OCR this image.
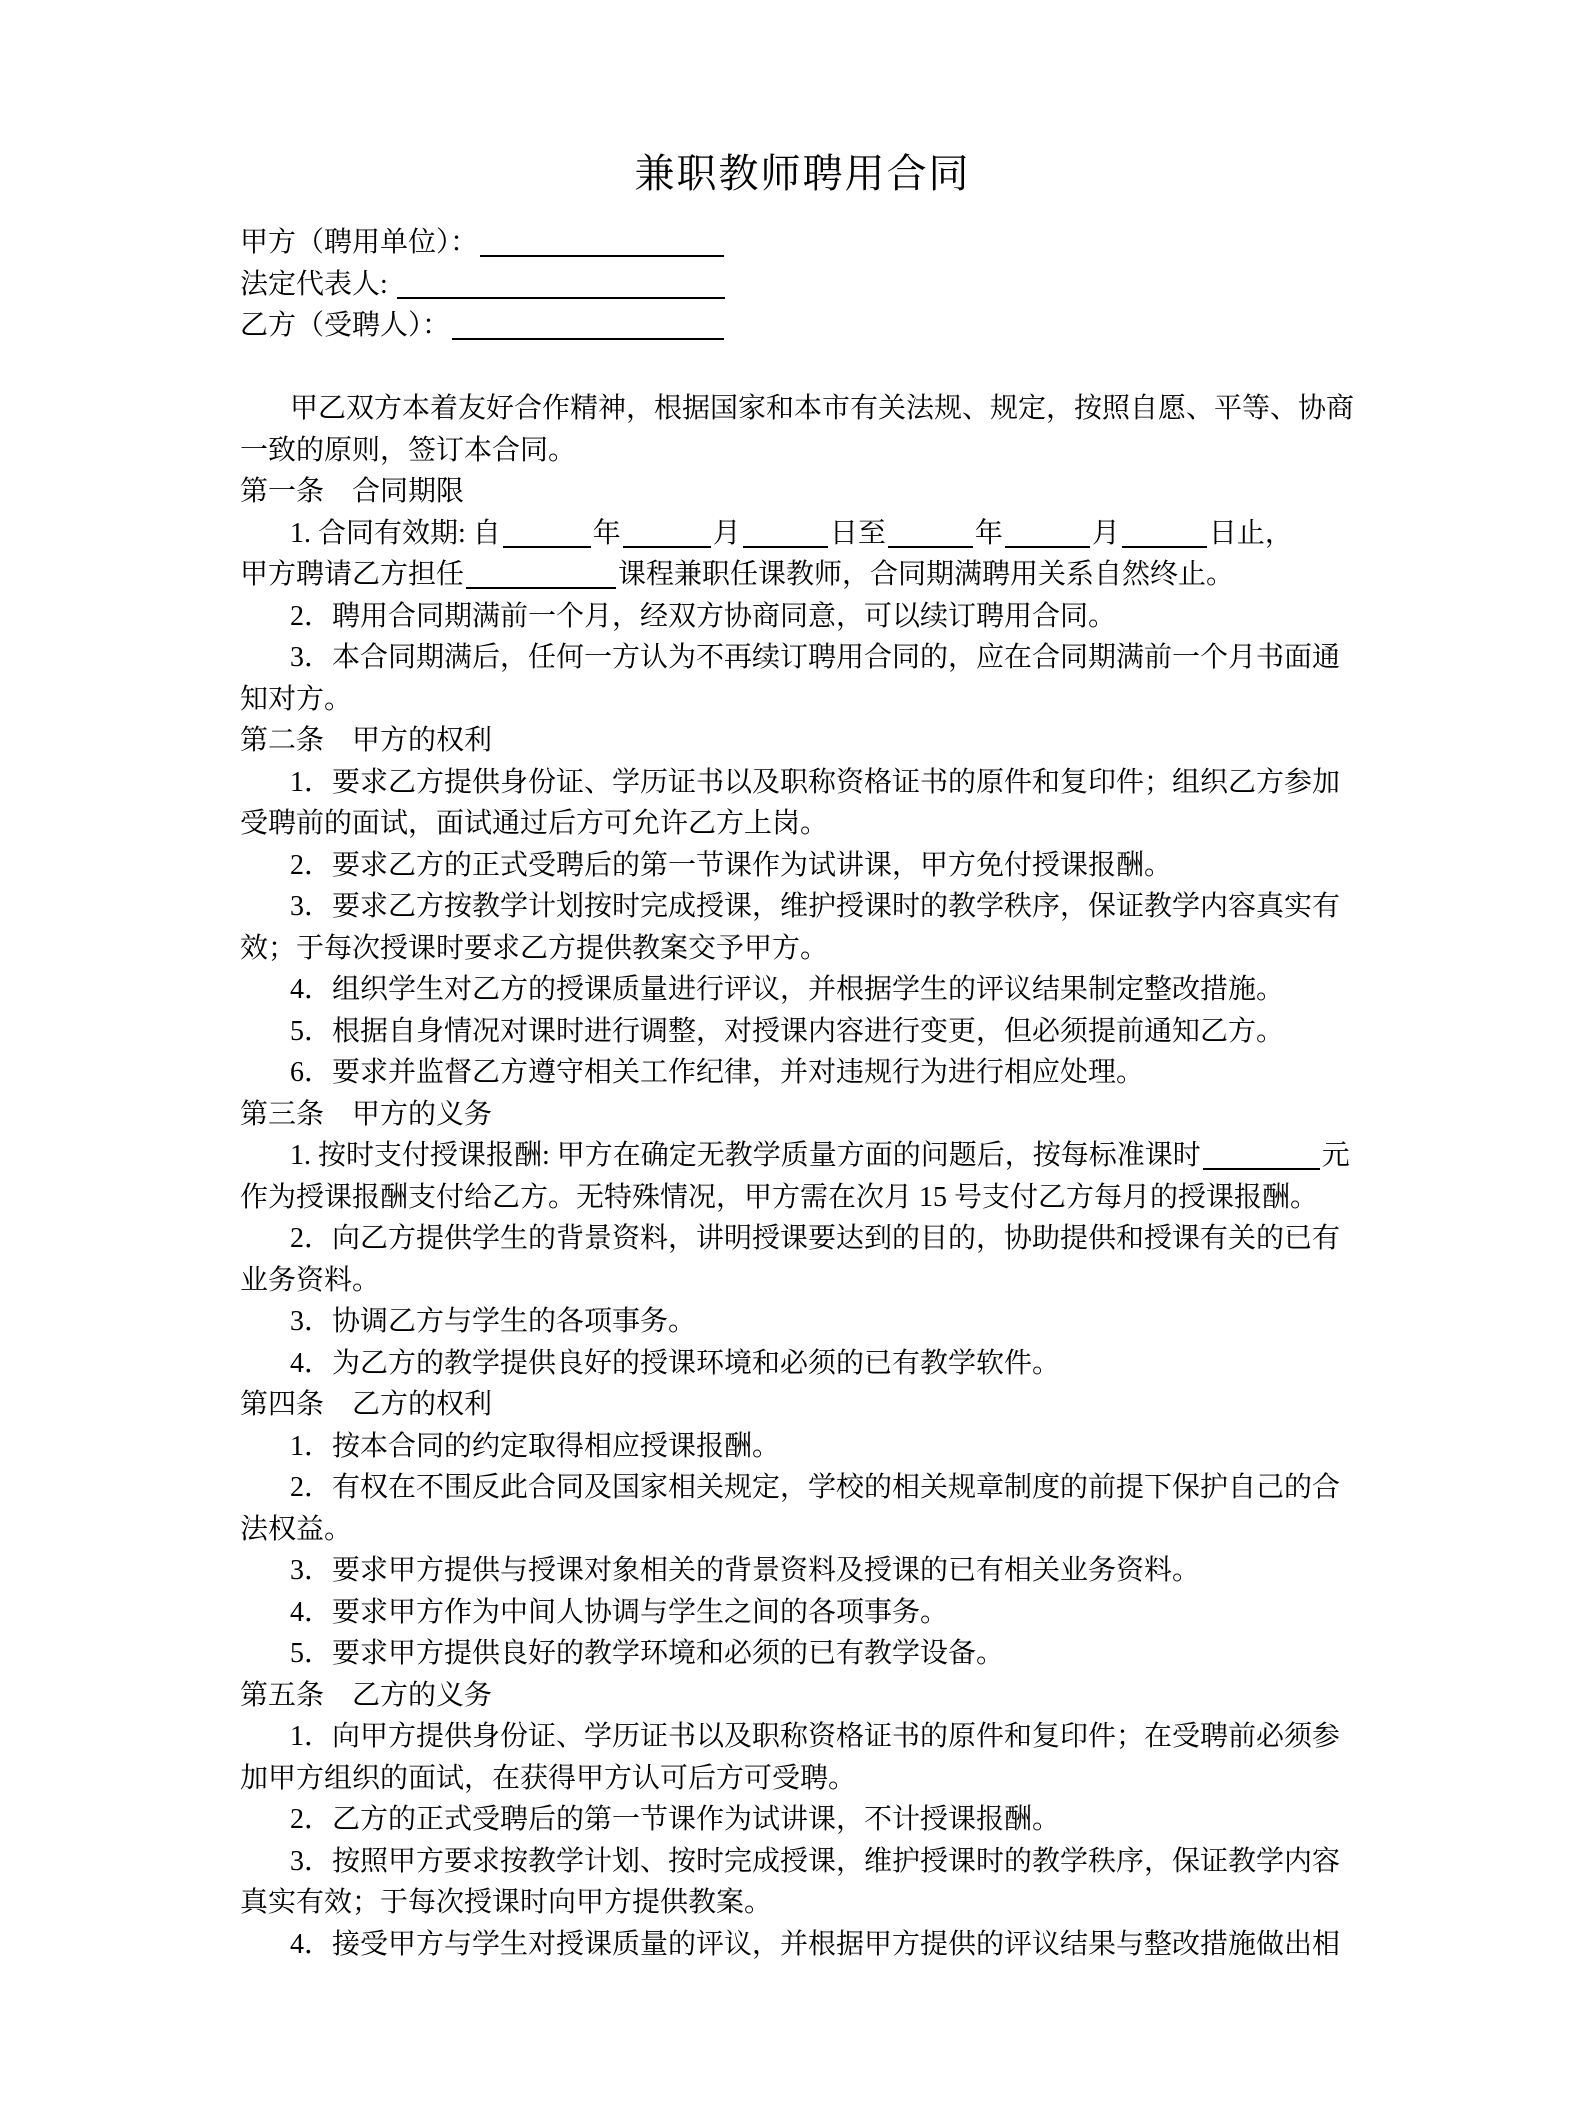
兼职教师聘用合同
甲方（聘用单位）：
法定代表人:
乙方（受聘人）：
甲乙双方本着友好合作精神，根据国家和本市有关法规、规定，按照自愿、平等、协商
一致的原则，签订本合同。
第一条　合同期限
1. 合同有效期: 自	年	月	日至	年	月	日止，
甲方聘请乙方担任	课程兼职任课教师，合同期满聘用关系自然终止。
2．聘用合同期满前一个月，经双方协商同意，可以续订聘用合同。
3．本合同期满后，任何一方认为不再续订聘用合同的，应在合同期满前一个月书面通
知对方。
第二条　甲方的权利
1．要求乙方提供身份证、学历证书以及职称资格证书的原件和复印件；组织乙方参加
受聘前的面试，面试通过后方可允许乙方上岗。
2．要求乙方的正式受聘后的第一节课作为试讲课，甲方免付授课报酬。
3．要求乙方按教学计划按时完成授课，维护授课时的教学秩序，保证教学内容真实有
效；于每次授课时要求乙方提供教案交予甲方。
4．组织学生对乙方的授课质量进行评议，并根据学生的评议结果制定整改措施。
5．根据自身情况对课时进行调整，对授课内容进行变更，但必须提前通知乙方。
6．要求并监督乙方遵守相关工作纪律，并对违规行为进行相应处理。
第三条　甲方的义务
1. 按时支付授课报酬: 甲方在确定无教学质量方面的问题后，按每标准课时	元
作为授课报酬支付给乙方。无特殊情况，甲方需在次月 15 号支付乙方每月的授课报酬。
2．向乙方提供学生的背景资料，讲明授课要达到的目的，协助提供和授课有关的已有
业务资料。
3．协调乙方与学生的各项事务。
4．为乙方的教学提供良好的授课环境和必须的已有教学软件。
第四条　乙方的权利
1．按本合同的约定取得相应授课报酬。
2．有权在不围反此合同及国家相关规定，学校的相关规章制度的前提下保护自己的合
法权益。
3．要求甲方提供与授课对象相关的背景资料及授课的已有相关业务资料。
4．要求甲方作为中间人协调与学生之间的各项事务。
5．要求甲方提供良好的教学环境和必须的已有教学设备。
第五条　乙方的义务
1．向甲方提供身份证、学历证书以及职称资格证书的原件和复印件；在受聘前必须参
加甲方组织的面试，在获得甲方认可后方可受聘。
2．乙方的正式受聘后的第一节课作为试讲课，不计授课报酬。
3．按照甲方要求按教学计划、按时完成授课，维护授课时的教学秩序，保证教学内容
真实有效；于每次授课时向甲方提供教案。
4．接受甲方与学生对授课质量的评议，并根据甲方提供的评议结果与整改措施做出相
